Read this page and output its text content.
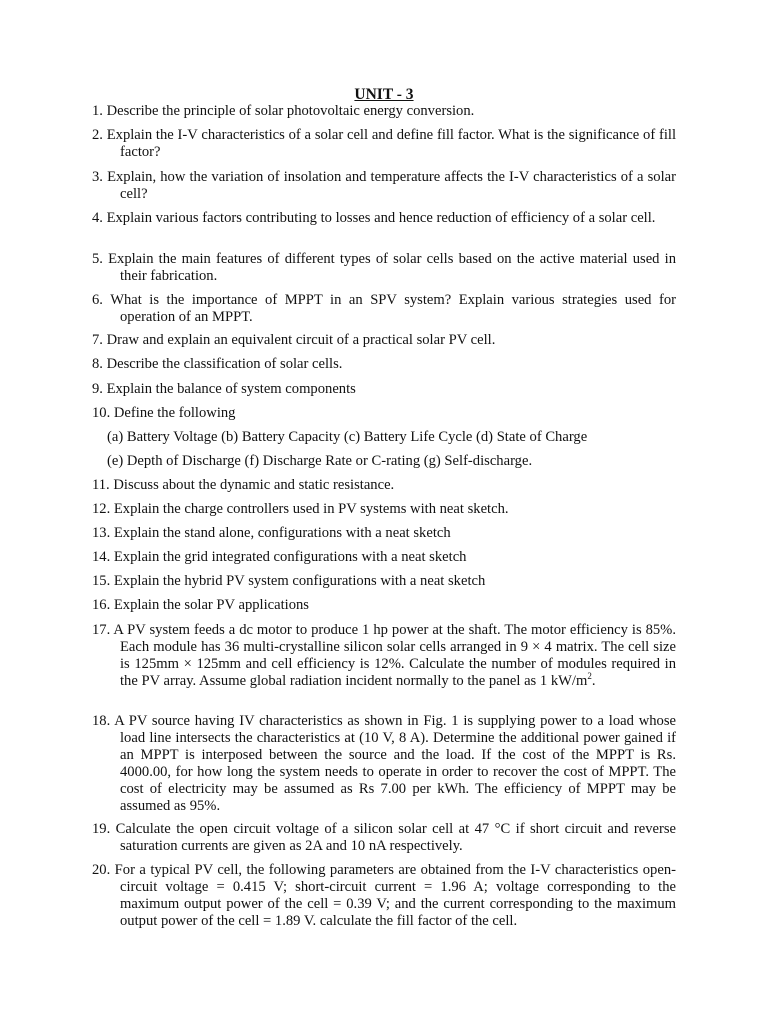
UNIT - 3
1. Describe the principle of solar photovoltaic energy conversion.
2. Explain the I-V characteristics of a solar cell and define fill factor. What is the significance of fill factor?
3. Explain, how the variation of insolation and temperature affects the I-V characteristics of a solar cell?
4. Explain various factors contributing to losses and hence reduction of efficiency of a solar cell.
5. Explain the main features of different types of solar cells based on the active material used in their fabrication.
6. What is the importance of MPPT in an SPV system? Explain various strategies used for operation of an MPPT.
7. Draw and explain an equivalent circuit of a practical solar PV cell.
8. Describe the classification of solar cells.
9. Explain the balance of system components
10. Define the following
(a) Battery Voltage (b) Battery Capacity (c) Battery Life Cycle (d) State of Charge
(e) Depth of Discharge (f) Discharge Rate or C-rating (g) Self-discharge.
11. Discuss about the dynamic and static resistance.
12. Explain the charge controllers used in PV systems with neat sketch.
13. Explain the stand alone, configurations with a neat sketch
14. Explain the grid integrated configurations with a neat sketch
15. Explain the hybrid PV system configurations with a neat sketch
16. Explain the solar PV applications
17. A PV system feeds a dc motor to produce 1 hp power at the shaft. The motor efficiency is 85%. Each module has 36 multi-crystalline silicon solar cells arranged in 9 × 4 matrix. The cell size is 125mm × 125mm and cell efficiency is 12%. Calculate the number of modules required in the PV array. Assume global radiation incident normally to the panel as 1 $kW/m^2$.
18. A PV source having IV characteristics as shown in Fig. 1 is supplying power to a load whose load line intersects the characteristics at (10 V, 8 A). Determine the additional power gained if an MPPT is interposed between the source and the load. If the cost of the MPPT is Rs. 4000.00, for how long the system needs to operate in order to recover the cost of MPPT. The cost of electricity may be assumed as Rs 7.00 per kWh. The efficiency of MPPT may be assumed as 95%.
19. Calculate the open circuit voltage of a silicon solar cell at 47 °C if short circuit and reverse saturation currents are given as 2A and 10 nA respectively.
20. For a typical PV cell, the following parameters are obtained from the I-V characteristics open- circuit voltage = 0.415 V; short-circuit current = 1.96 A; voltage corresponding to the maximum output power of the cell = 0.39 V; and the current corresponding to the maximum output power of the cell = 1.89 V. calculate the fill factor of the cell.
